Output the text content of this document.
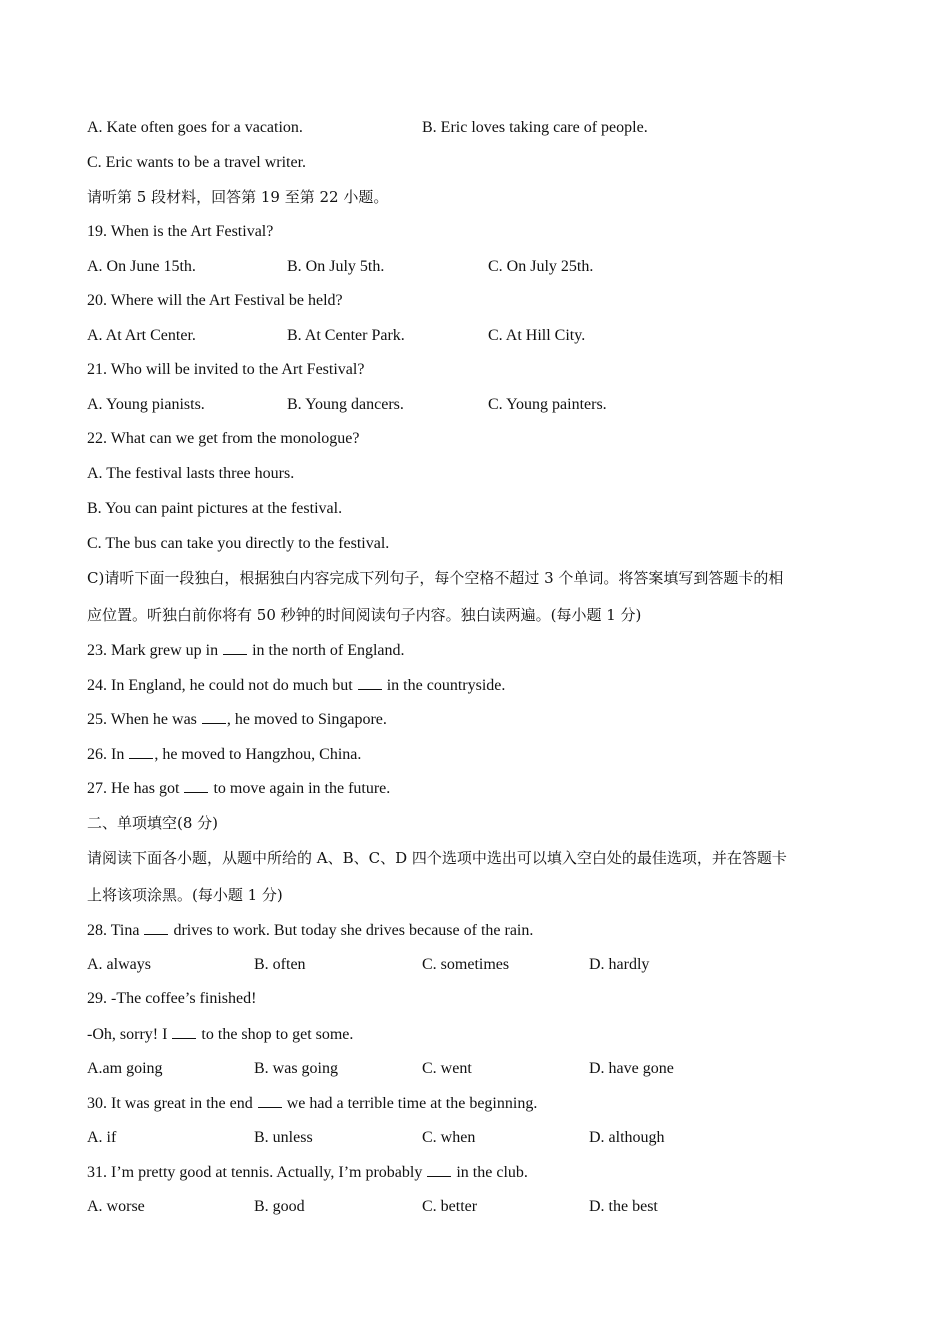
A. Kate often goes for a vacation.	B. Eric loves taking care of people.
C. Eric wants to be a travel writer.
请听第 5 段材料，回答第 19 至第 22 小题。
19. When is the Art Festival?
A. On June 15th.	B. On July 5th.	C. On July 25th.
20. Where will the Art Festival be held?
A. At Art Center.	B. At Center Park.	C. At Hill City.
21. Who will be invited to the Art Festival?
A. Young pianists.	B. Young dancers.	C. Young painters.
22. What can we get from the monologue?
A. The festival lasts three hours.
B. You can paint pictures at the festival.
C. The bus can take you directly to the festival.
C)请听下面一段独白，根据独白内容完成下列句子，每个空格不超过 3 个单词。将答案填写到答题卡的相
应位置。听独白前你将有 50 秒钟的时间阅读句子内容。独白读两遍。(每小题 1 分)
23. Mark grew up in in the north of England.
24. In England, he could not do much but in the countryside.
25. When he was , he moved to Singapore.
26. In , he moved to Hangzhou, China.
27. He has got to move again in the future.
二、单项填空(8 分)
请阅读下面各小题，从题中所给的 A、B、C、D 四个选项中选出可以填入空白处的最佳选项，并在答题卡
上将该项涂黑。(每小题 1 分)
28. Tina drives to work. But today she drives because of the rain.
A. always	B. often	C. sometimes	D. hardly
29. -The coffee’s finished!
-Oh, sorry! I to the shop to get some.
A.am going	B. was going	C. went	D. have gone
30. It was great in the end we had a terrible time at the beginning.
A. if	B. unless	C. when	D. although
31. I’m pretty good at tennis. Actually, I’m probably in the club.
A. worse	B. good	C. better	D. the best
